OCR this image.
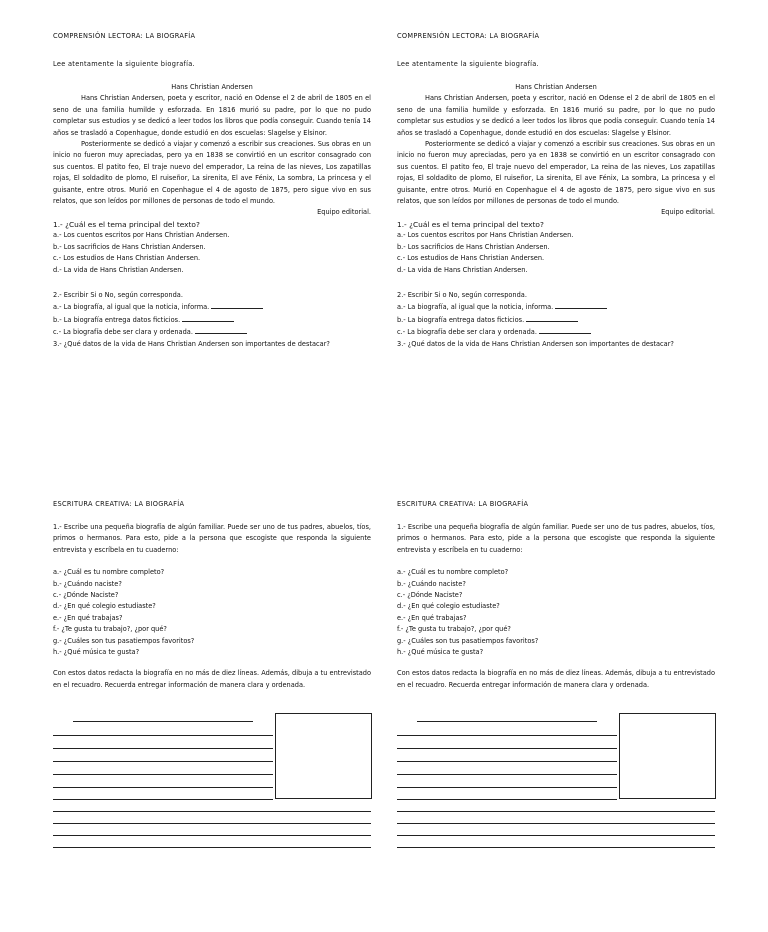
COMPRENSIÓN LECTORA: LA BIOGRAFÍA
Lee atentamente la siguiente biografía.

Hans Christian Andersen

Hans Christian Andersen, poeta y escritor, nació en Odense el 2 de abril de 1805 en el seno de una familia humilde y esforzada. En 1816 murió su padre, por lo que no pudo completar sus estudios y se dedicó a leer todos los libros que podía conseguir. Cuando tenía 14 años se trasladó a Copenhague, donde estudió en dos escuelas: Slagelse y Elsinor.

Posteriormente se dedicó a viajar y comenzó a escribir sus creaciones. Sus obras en un inicio no fueron muy apreciadas, pero ya en 1838 se convirtió en un escritor consagrado con sus cuentos. El patito feo, El traje nuevo del emperador, La reina de las nieves, Los zapatillas rojas, El soldadito de plomo, El ruiseñor, La sirenita, El ave Fénix, La sombra, La princesa y el guisante, entre otros. Murió en Copenhague el 4 de agosto de 1875, pero sigue vivo en sus relatos, que son leídos por millones de personas de todo el mundo.

Equipo editorial.

1.- ¿Cuál es el tema principal del texto?

a.- Los cuentos escritos por Hans Christian Andersen.

b.- Los sacrificios de Hans Christian Andersen.

c.- Los estudios de Hans Christian Andersen.

d.- La vida de Hans Christian Andersen.

2.- Escribir Si o No, según corresponda.

a.- La biografía, al igual que la noticia, informa.

b.- La biografía entrega datos ficticios.

c.- La biografía debe ser clara y ordenada.

3.- ¿Qué datos de la vida de Hans Christian Andersen son importantes de destacar?

ESCRITURA CREATIVA: LA BIOGRAFÍA

1.- Escribe una pequeña biografía de algún familiar. Puede ser uno de tus padres, abuelos, tíos, primos o hermanos. Para esto, pide a la persona que escogiste que responda la siguiente entrevista y escríbela en tu cuaderno:

a.- ¿Cuál es tu nombre completo?

b.- ¿Cuándo naciste?

c.- ¿Dónde Naciste?

d.- ¿En qué colegio estudiaste?

e.- ¿En qué trabajas?

f.- ¿Te gusta tu trabajo?, ¿por qué?

g.- ¿Cuáles son tus pasatiempos favoritos?

h.- ¿Qué música te gusta?

Con estos datos redacta la biografía en no más de diez líneas. Además, dibuja a tu entrevistado en el recuadro. Recuerda entregar información de manera clara y ordenada.

COMPRENSIÓN LECTORA: LA BIOGRAFÍA
Lee atentamente la siguiente biografía.

Hans Christian Andersen

Hans Christian Andersen, poeta y escritor, nació en Odense el 2 de abril de 1805 en el seno de una familia humilde y esforzada. En 1816 murió su padre, por lo que no pudo completar sus estudios y se dedicó a leer todos los libros que podía conseguir. Cuando tenía 14 años se trasladó a Copenhague, donde estudió en dos escuelas: Slagelse y Elsinor.

Posteriormente se dedicó a viajar y comenzó a escribir sus creaciones. Sus obras en un inicio no fueron muy apreciadas, pero ya en 1838 se convirtió en un escritor consagrado con sus cuentos. El patito feo, El traje nuevo del emperador, La reina de las nieves, Los zapatillas rojas, El soldadito de plomo, El ruiseñor, La sirenita, El ave Fénix, La sombra, La princesa y el guisante, entre otros. Murió en Copenhague el 4 de agosto de 1875, pero sigue vivo en sus relatos, que son leídos por millones de personas de todo el mundo.

Equipo editorial.

1.- ¿Cuál es el tema principal del texto?

a.- Los cuentos escritos por Hans Christian Andersen.

b.- Los sacrificios de Hans Christian Andersen.

c.- Los estudios de Hans Christian Andersen.

d.- La vida de Hans Christian Andersen.

2.- Escribir Si o No, según corresponda.

a.- La biografía, al igual que la noticia, informa.

b.- La biografía entrega datos ficticios.

c.- La biografía debe ser clara y ordenada.

3.- ¿Qué datos de la vida de Hans Christian Andersen son importantes de destacar?

ESCRITURA CREATIVA: LA BIOGRAFÍA

1.- Escribe una pequeña biografía de algún familiar. Puede ser uno de tus padres, abuelos, tíos, primos o hermanos. Para esto, pide a la persona que escogiste que responda la siguiente entrevista y escríbela en tu cuaderno:

a.- ¿Cuál es tu nombre completo?

b.- ¿Cuándo naciste?

c.- ¿Dónde Naciste?

d.- ¿En qué colegio estudiaste?

e.- ¿En qué trabajas?

f.- ¿Te gusta tu trabajo?, ¿por qué?

g.- ¿Cuáles son tus pasatiempos favoritos?

h.- ¿Qué música te gusta?

Con estos datos redacta la biografía en no más de diez líneas. Además, dibuja a tu entrevistado en el recuadro. Recuerda entregar información de manera clara y ordenada.
